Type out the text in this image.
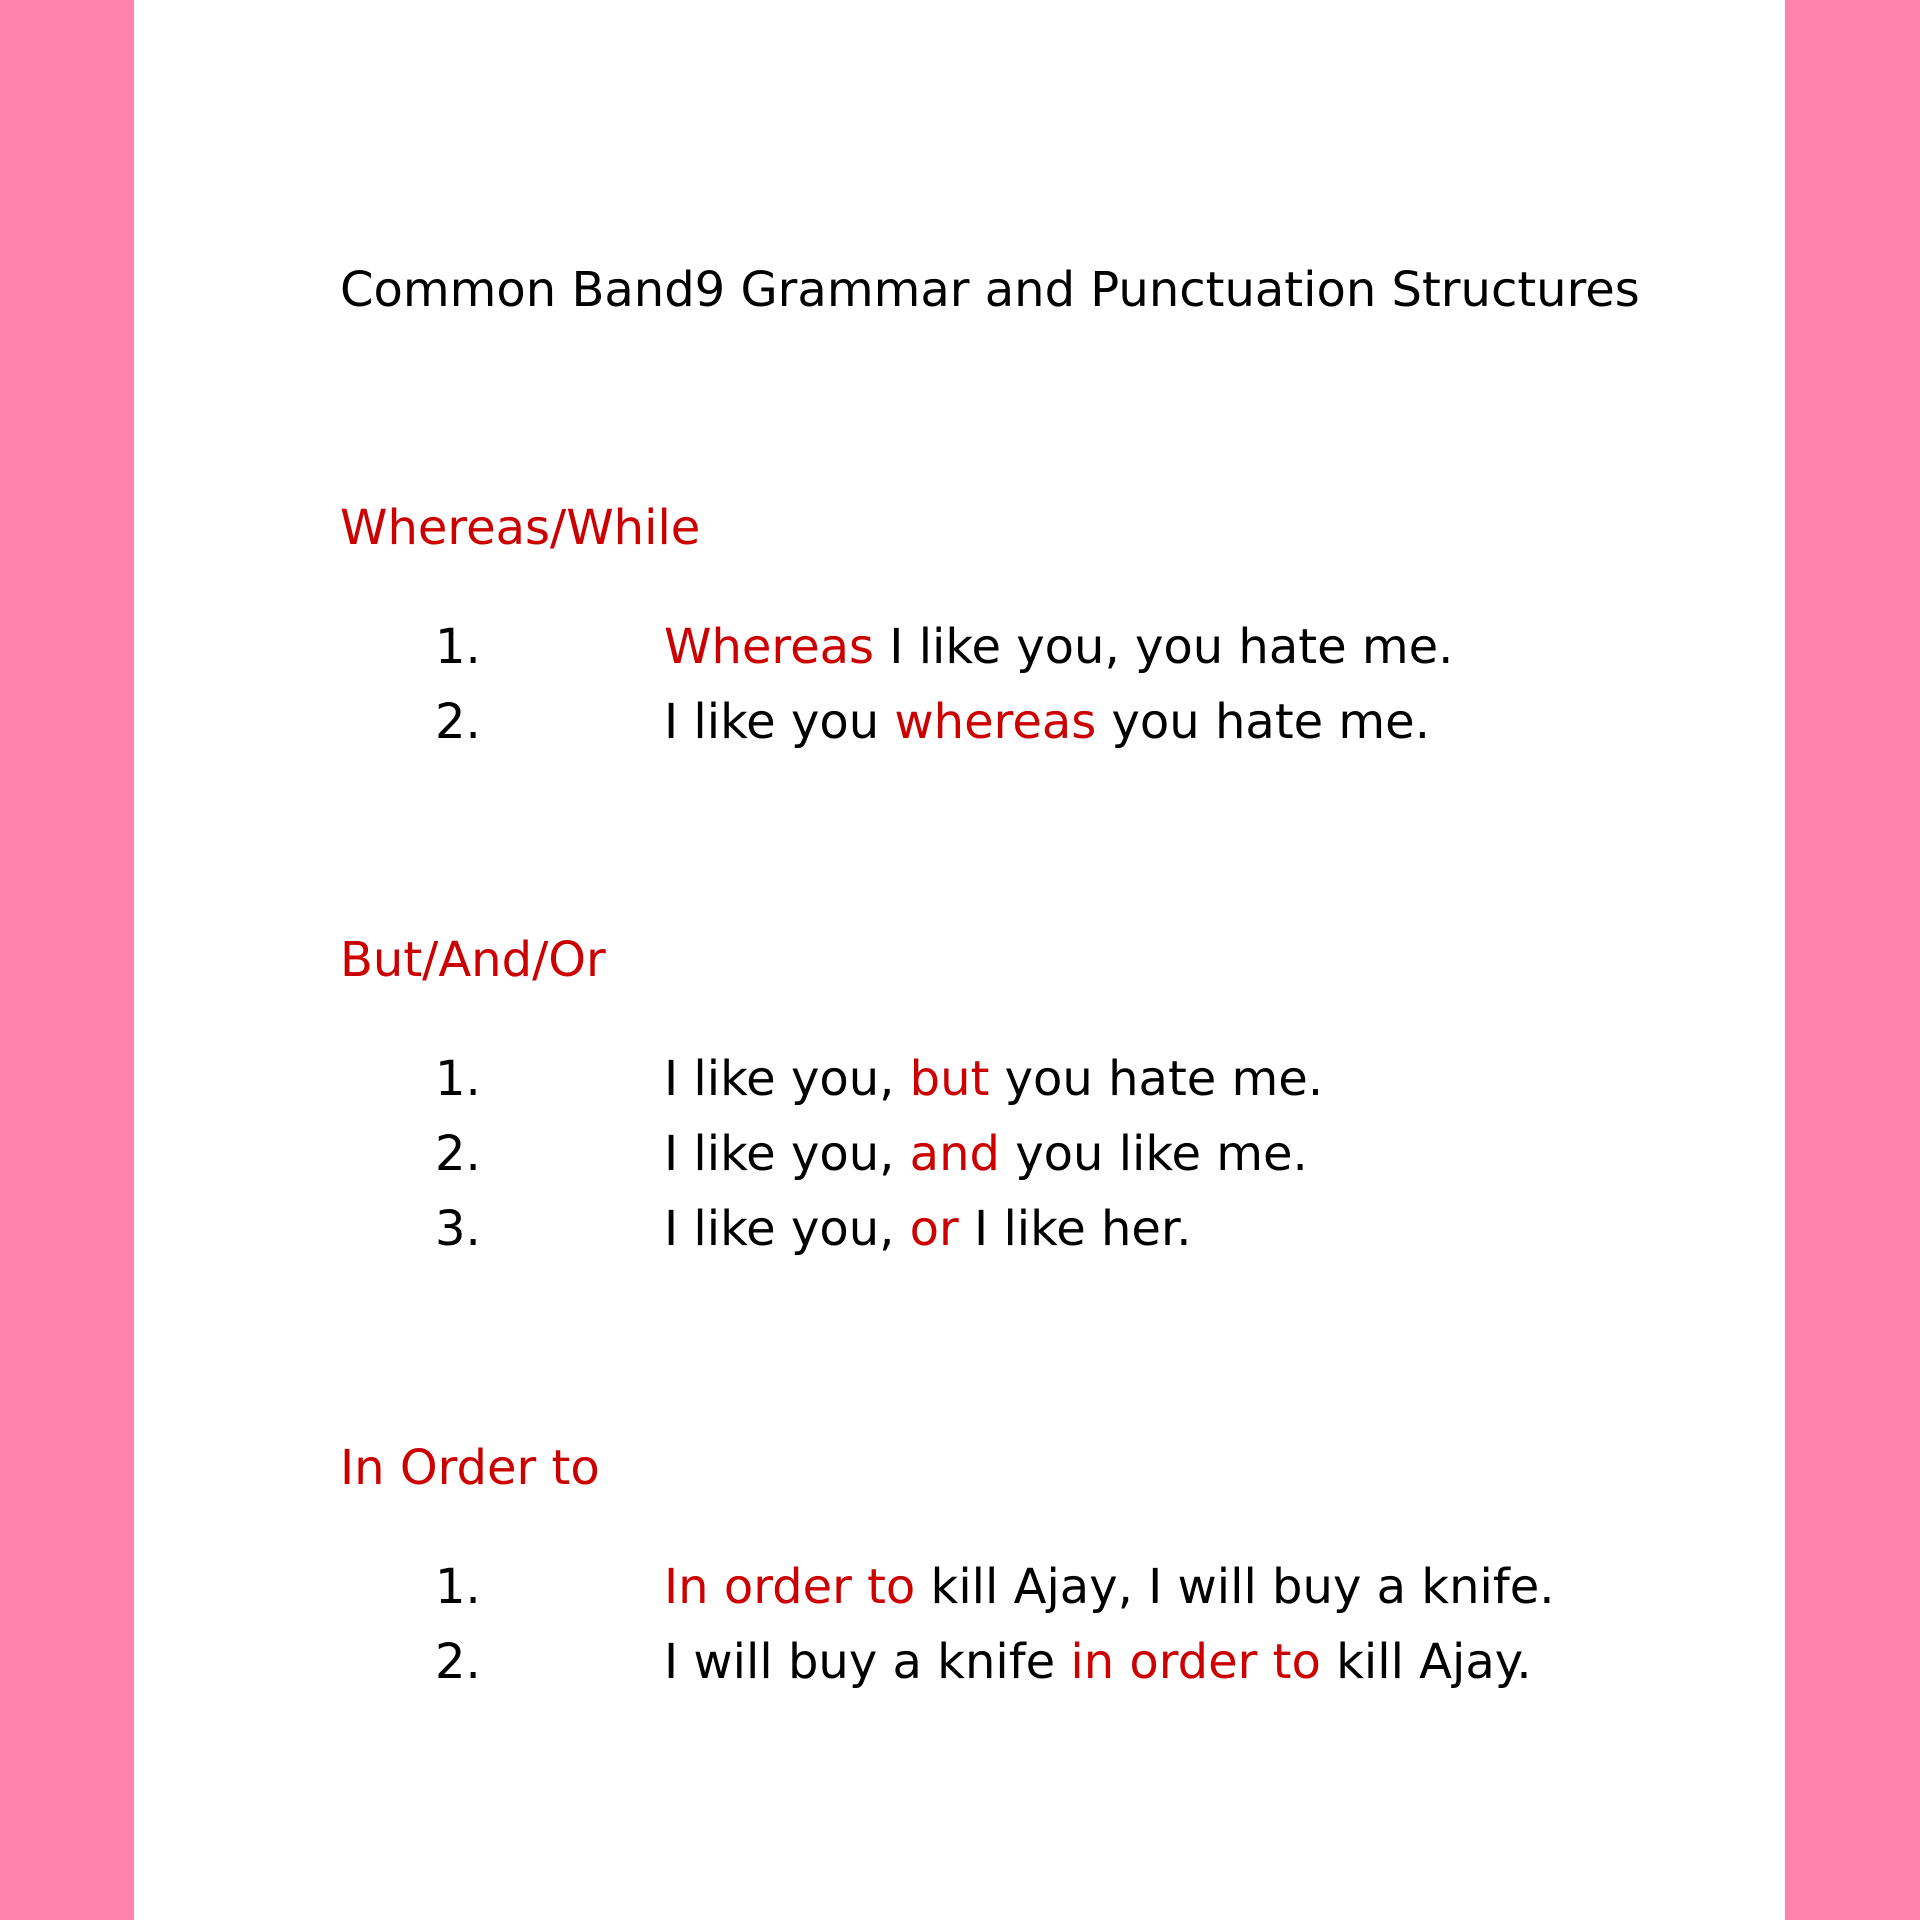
Common Band9 Grammar and Punctuation Structures
Whereas/While
1.	Whereas I like you, you hate me.
2.	I like you whereas you hate me.
But/And/Or
1.	I like you, but you hate me.
2.	I like you, and you like me.
3.	I like you, or I like her.
In Order to
1.	In order to kill Ajay, I will buy a knife.
2.	I will buy a knife in order to kill Ajay.
